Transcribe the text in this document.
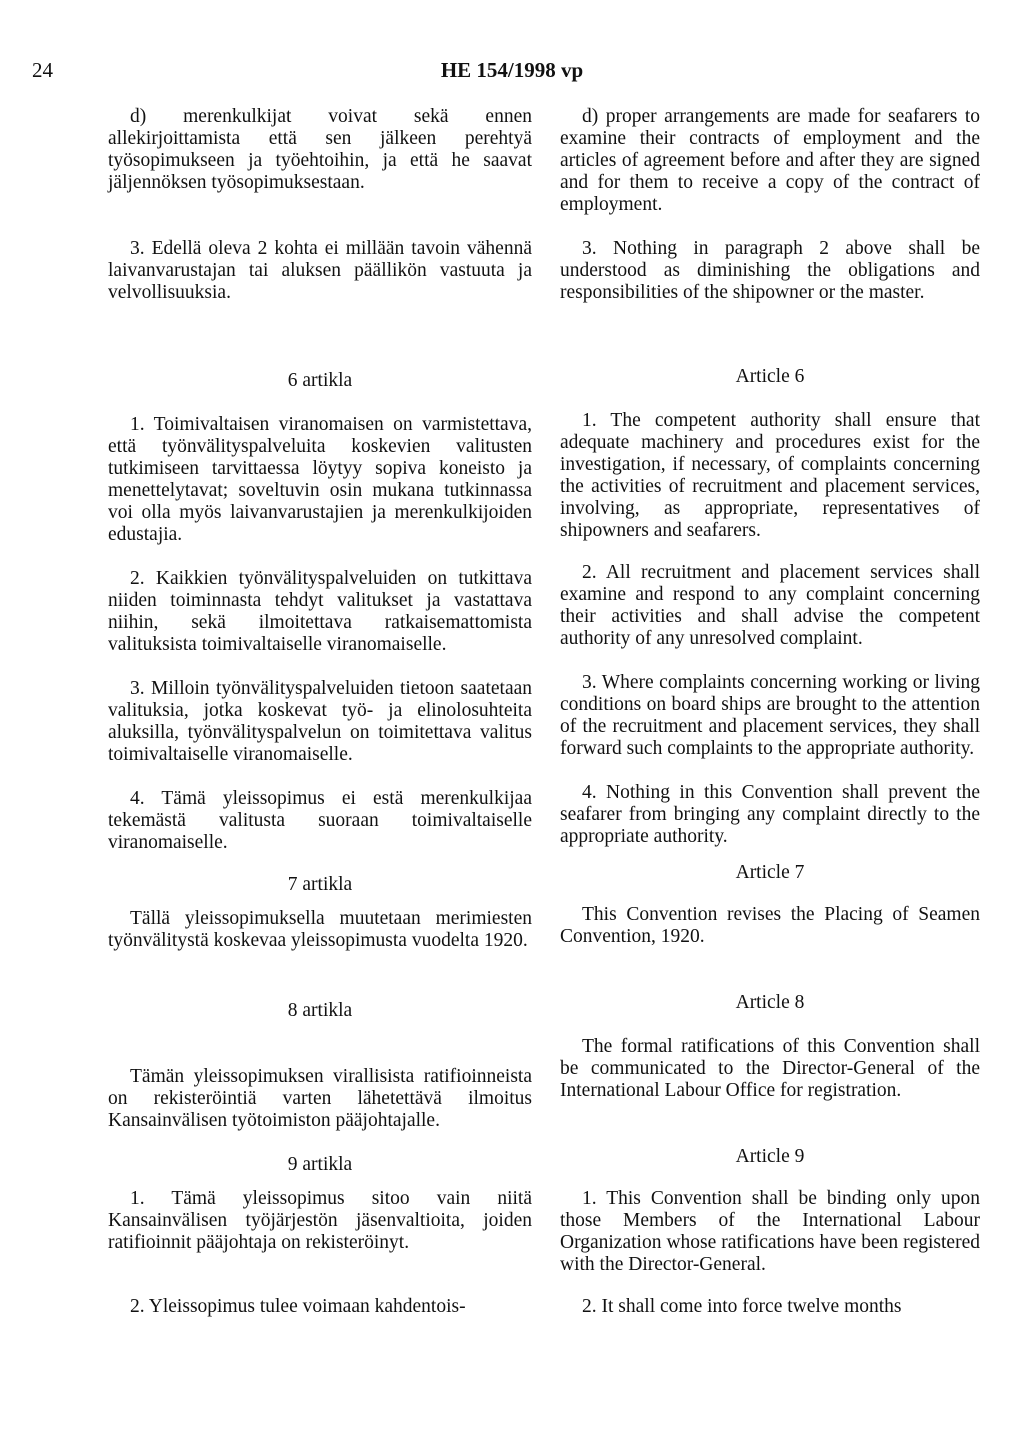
24	HE 154/1998 vp

d) merenkulkijat voivat sekä ennen allekirjoittamista että sen jälkeen perehtyä työsopimukseen ja työehtoihin, ja että he saavat jäljennöksen työsopimuksestaan.

3. Edellä oleva 2 kohta ei millään tavoin vähennä laivanvarustajan tai aluksen päällikön vastuuta ja velvollisuuksia.

6 artikla

1. Toimivaltaisen viranomaisen on varmistettava, että työnvälityspalveluita koskevien valitusten tutkimiseen tarvittaessa löytyy sopiva koneisto ja menettelytavat; soveltuvin osin mukana tutkinnassa voi olla myös laivanvarustajien ja merenkulkijoiden edustajia.

2. Kaikkien työnvälityspalveluiden on tutkittava niiden toiminnasta tehdyt valitukset ja vastattava niihin, sekä ilmoitettava ratkaisemattomista valituksista toimivaltaiselle viranomaiselle.

3. Milloin työnvälityspalveluiden tietoon saatetaan valituksia, jotka koskevat työ- ja elinolosuhteita aluksilla, työnvälityspalvelun on toimitettava valitus toimivaltaiselle viranomaiselle.

4. Tämä yleissopimus ei estä merenkulkijaa tekemästä valitusta suoraan toimivaltaiselle viranomaiselle.

7 artikla

Tällä yleissopimuksella muutetaan merimiesten työnvälitystä koskevaa yleissopimusta vuodelta 1920.

8 artikla

Tämän yleissopimuksen virallisista ratifioinneista on rekisteröintiä varten lähetettävä ilmoitus Kansainvälisen työtoimiston pääjohtajalle.

9 artikla

1. Tämä yleissopimus sitoo vain niitä Kansainvälisen työjärjestön jäsenvaltioita, joiden ratifioinnit pääjohtaja on rekisteröinyt.

2. Yleissopimus tulee voimaan kahdentois-

d) proper arrangements are made for seafarers to examine their contracts of employment and the articles of agreement before and after they are signed and for them to receive a copy of the contract of employment.

3. Nothing in paragraph 2 above shall be understood as diminishing the obligations and responsibilities of the shipowner or the master.

Article 6

1. The competent authority shall ensure that adequate machinery and procedures exist for the investigation, if necessary, of complaints concerning the activities of recruitment and placement services, involving, as appropriate, representatives of shipowners and seafarers.

2. All recruitment and placement services shall examine and respond to any complaint concerning their activities and shall advise the competent authority of any unresolved complaint.

3. Where complaints concerning working or living conditions on board ships are brought to the attention of the recruitment and placement services, they shall forward such complaints to the appropriate authority.

4. Nothing in this Convention shall prevent the seafarer from bringing any complaint directly to the appropriate authority.

Article 7

This Convention revises the Placing of Seamen Convention, 1920.

Article 8

The formal ratifications of this Convention shall be communicated to the Director-General of the International Labour Office for registration.

Article 9

1. This Convention shall be binding only upon those Members of the International Labour Organization whose ratifications have been registered with the Director-General.

2. It shall come into force twelve months
